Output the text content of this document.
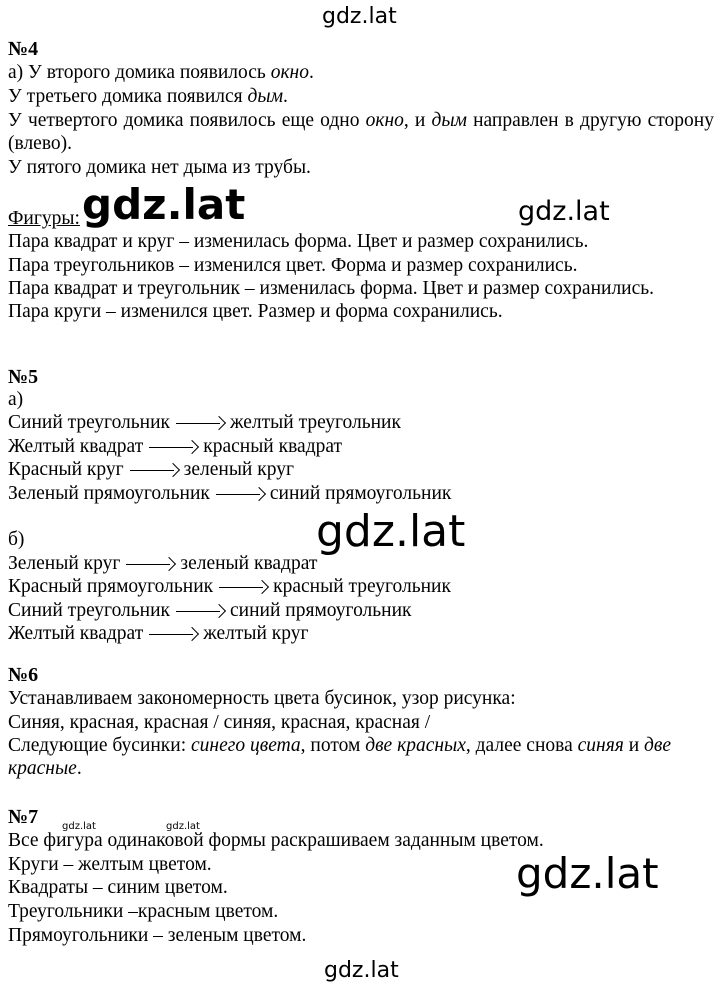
gdz.lat
№4
а) У второго домика появилось окно.
У третьего домика появился дым.
У четвертого домика появилось еще одно окно, и дым направлен в другую сторону (влево).
У пятого домика нет дыма из трубы.
Фигуры:
Пара квадрат и круг – изменилась форма. Цвет и размер сохранились.
Пара треугольников – изменился цвет. Форма и размер сохранились.
Пара квадрат и треугольник – изменилась форма. Цвет и размер сохранились.
Пара круги – изменился цвет. Размер и форма сохранились.
gdz.lat	gdz.lat
№5
а)
Синий треугольник	желтый треугольник
Желтый квадрат	красный квадрат
Красный круг	зеленый круг
Зеленый прямоугольник	синий прямоугольник
б)
Зеленый круг	зеленый квадрат
Красный прямоугольник	красный треугольник
Синий треугольник	синий прямоугольник
Желтый квадрат	желтый круг
gdz.lat
№6
Устанавливаем закономерность цвета бусинок, узор рисунка:
Синяя, красная, красная / синяя, красная, красная /
Следующие бусинки: синего цвета, потом две красных, далее снова синяя и две красные.
№7
Все фигура одинаковой формы раскрашиваем заданным цветом.
Круги – желтым цветом.
Квадраты – синим цветом.
Треугольники –красным цветом.
Прямоугольники – зеленым цветом.
gdz.lat	gdz.lat
gdz.lat
gdz.lat
